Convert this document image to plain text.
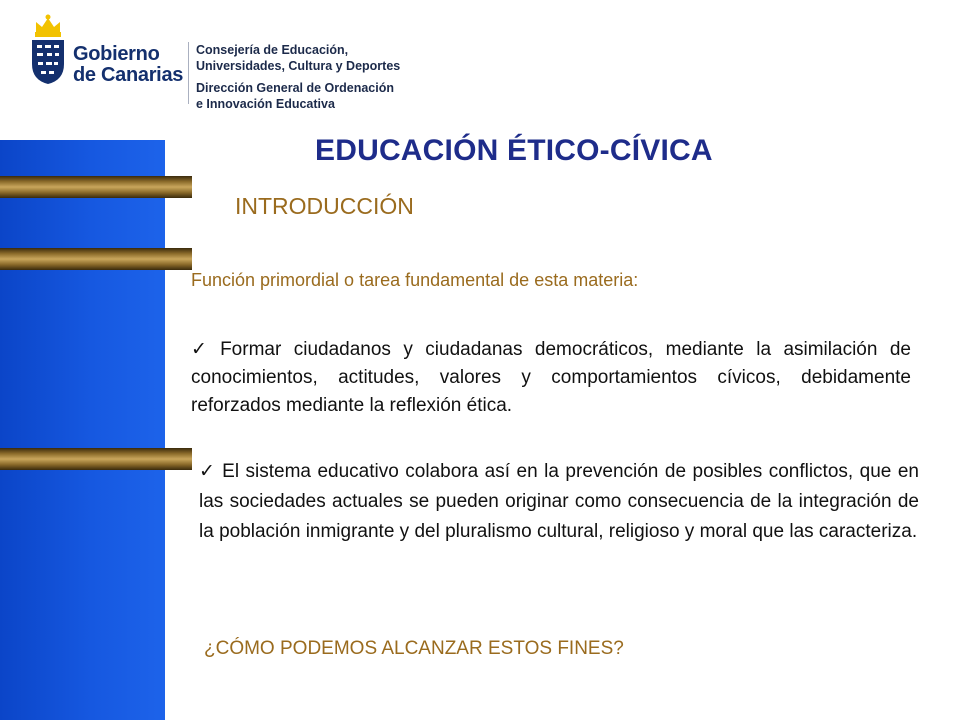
Gobierno
de Canarias
Consejería de Educación,
Universidades, Cultura y Deportes
Dirección General de Ordenación
e Innovación Educativa
EDUCACIÓN ÉTICO-CÍVICA
INTRODUCCIÓN
Función primordial o tarea fundamental de esta materia:
✓ Formar ciudadanos y ciudadanas democráticos, mediante la asimilación de conocimientos, actitudes, valores y comportamientos cívicos, debidamente reforzados mediante la reflexión ética.
✓ El sistema educativo colabora así en la prevención de posibles conflictos, que en las sociedades actuales se pueden originar como consecuencia de la integración de la población inmigrante y del pluralismo cultural, religioso y moral que las caracteriza.
¿CÓMO PODEMOS ALCANZAR ESTOS FINES?
